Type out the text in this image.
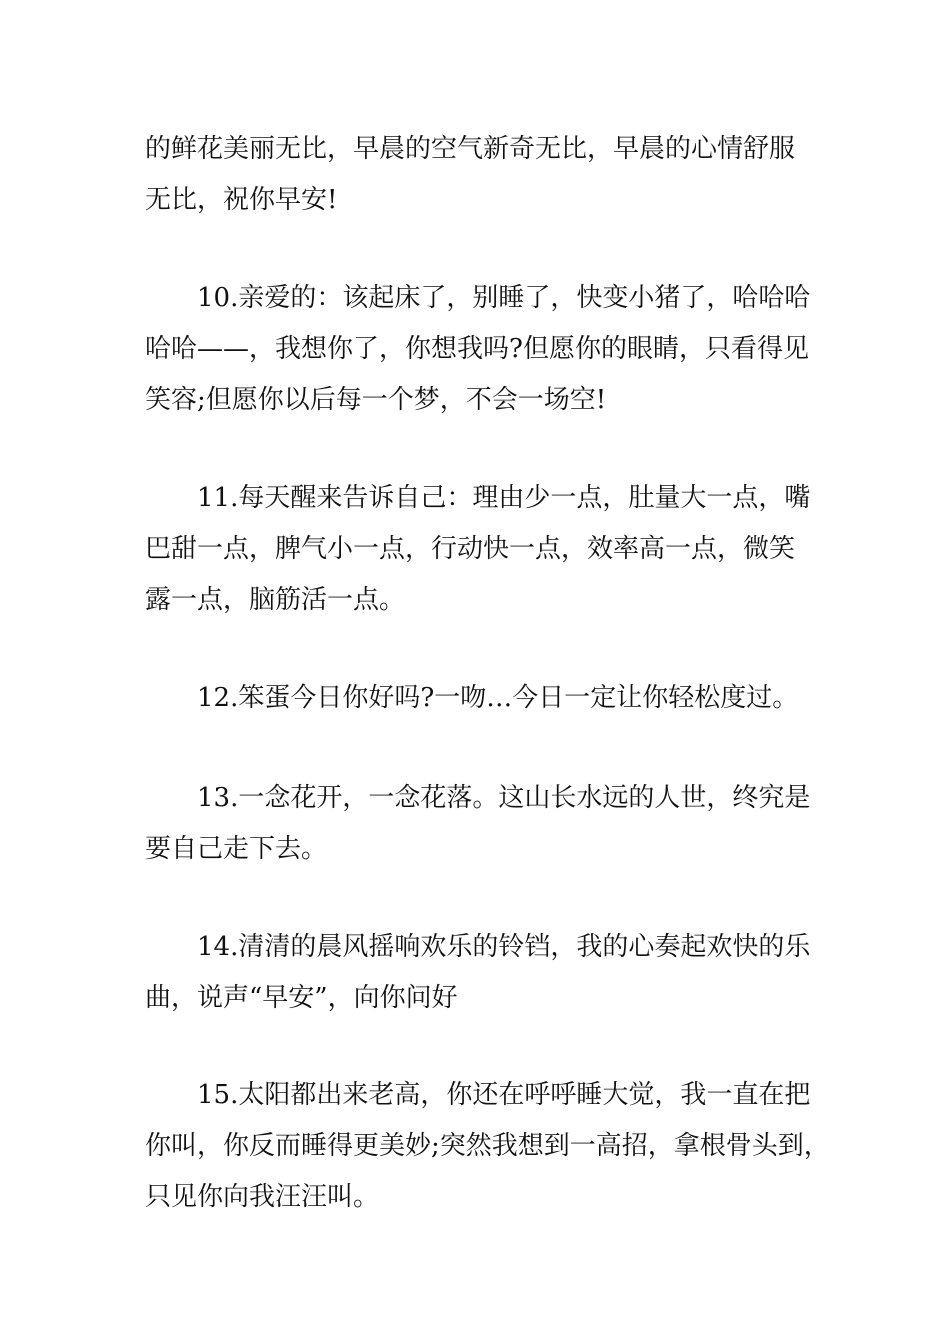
的鲜花美丽无比，早晨的空气新奇无比，早晨的心情舒服
无比，祝你早安!
10.亲爱的：该起床了，别睡了，快变小猪了，哈哈哈
哈哈——，我想你了，你想我吗?但愿你的眼睛，只看得见
笑容;但愿你以后每一个梦，不会一场空!
11.每天醒来告诉自己：理由少一点，肚量大一点，嘴
巴甜一点，脾气小一点，行动快一点，效率高一点，微笑
露一点，脑筋活一点。
12.笨蛋今日你好吗?一吻…今日一定让你轻松度过。
13.一念花开，一念花落。这山长水远的人世，终究是
要自己走下去。
14.清清的晨风摇响欢乐的铃铛，我的心奏起欢快的乐
曲，说声“早安”，向你问好
15.太阳都出来老高，你还在呼呼睡大觉，我一直在把
你叫，你反而睡得更美妙;突然我想到一高招，拿根骨头到，
只见你向我汪汪叫。
